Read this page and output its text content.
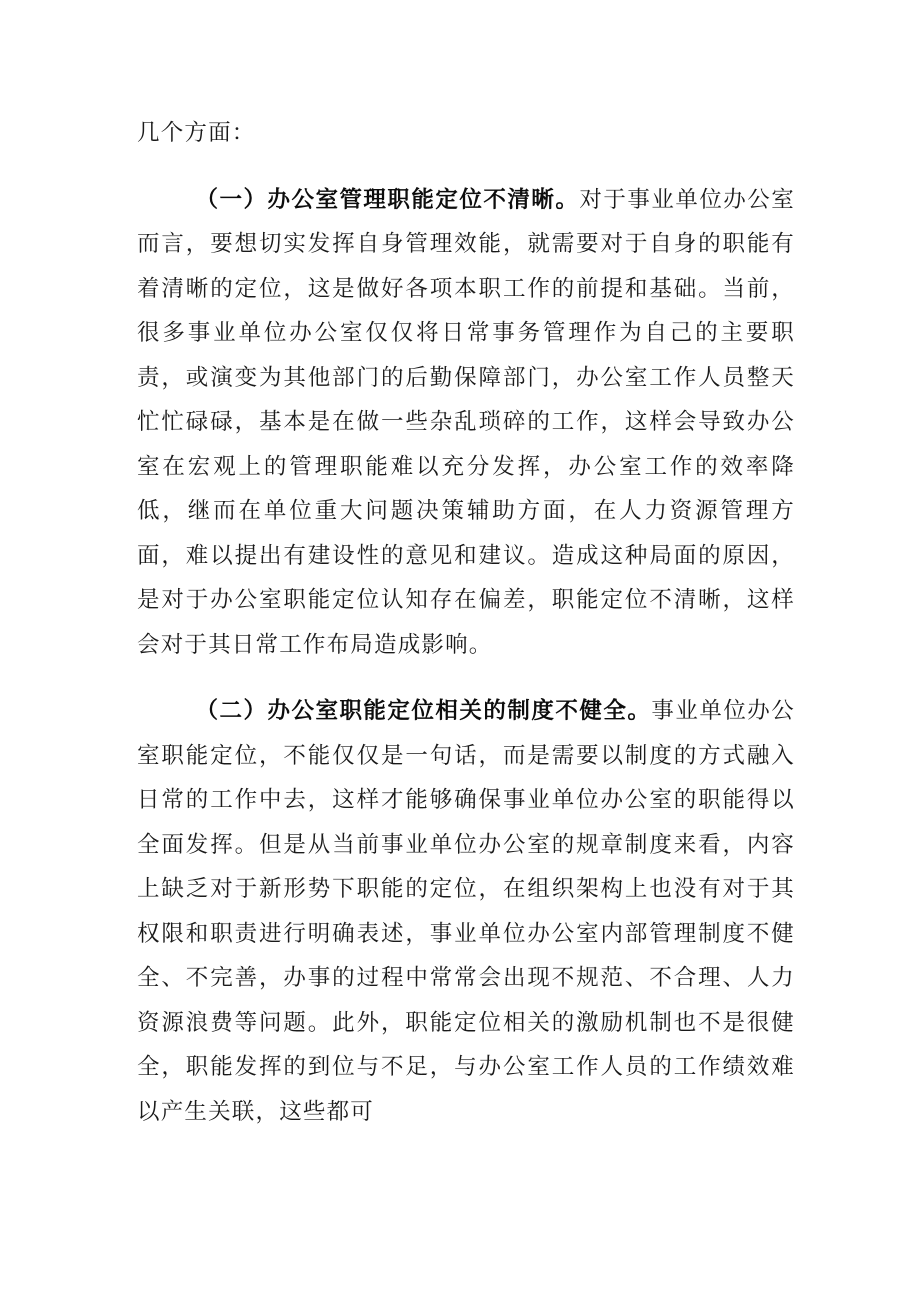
几个方面：

（一）办公室管理职能定位不清晰。对于事业单位办公室而言，要想切实发挥自身管理效能，就需要对于自身的职能有着清晰的定位，这是做好各项本职工作的前提和基础。当前，很多事业单位办公室仅仅将日常事务管理作为自己的主要职责，或演变为其他部门的后勤保障部门，办公室工作人员整天忙忙碌碌，基本是在做一些杂乱琐碎的工作，这样会导致办公室在宏观上的管理职能难以充分发挥，办公室工作的效率降低，继而在单位重大问题决策辅助方面，在人力资源管理方面，难以提出有建设性的意见和建议。造成这种局面的原因，是对于办公室职能定位认知存在偏差，职能定位不清晰，这样会对于其日常工作布局造成影响。

（二）办公室职能定位相关的制度不健全。事业单位办公室职能定位，不能仅仅是一句话，而是需要以制度的方式融入日常的工作中去，这样才能够确保事业单位办公室的职能得以全面发挥。但是从当前事业单位办公室的规章制度来看，内容上缺乏对于新形势下职能的定位，在组织架构上也没有对于其权限和职责进行明确表述，事业单位办公室内部管理制度不健全、不完善，办事的过程中常常会出现不规范、不合理、人力资源浪费等问题。此外，职能定位相关的激励机制也不是很健全，职能发挥的到位与不足，与办公室工作人员的工作绩效难以产生关联，这些都可
